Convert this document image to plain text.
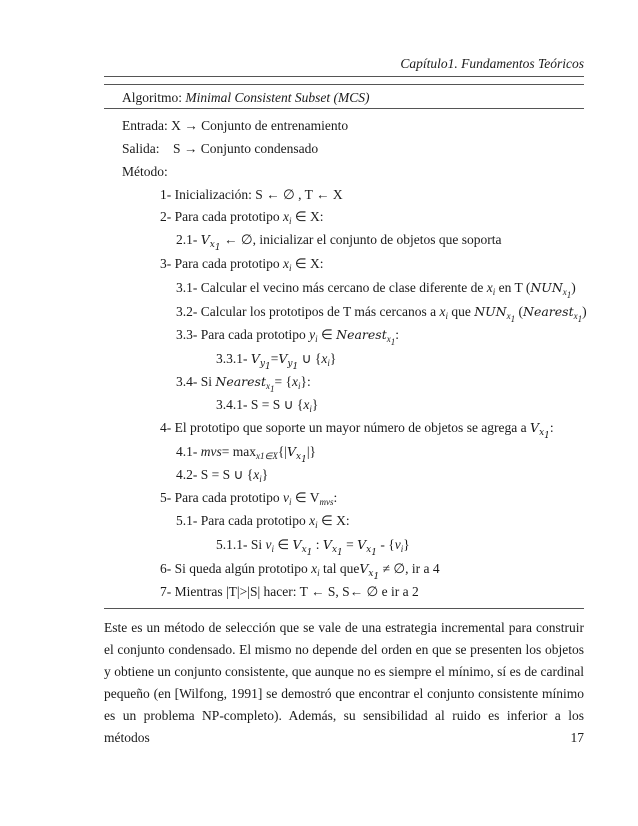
Capítulo1. Fundamentos Teóricos
Algoritmo: Minimal Consistent Subset (MCS)
Entrada: X → Conjunto de entrenamiento
Salida:    S → Conjunto condensado
Método:
1- Inicialización: S ← ∅ , T ← X
2- Para cada prototipo $x_i$ ∈ X:
2.1- $V_{x_1}$ ← ∅, inicializar el conjunto de objetos que soporta
3- Para cada prototipo $x_i$ ∈ X:
3.1- Calcular el vecino más cercano de clase diferente de $x_i$ en T $(NUN_{x_1})$
3.2- Calcular los prototipos de T más cercanos a $x_i$ que $NUN_{x_1}$ (Nearest$_{x_1}$)
3.3- Para cada prototipo $y_i$ ∈ Nearest$_{x_1}$:
3.3.1- $V_{y_1}=V_{y_1}$ ∪ $\{x_i\}$
3.4- Si Nearest$_{x_1}$= $\{x_i\}$:
3.4.1- S = S ∪ $\{x_i\}$
4- El prototipo que soporte un mayor número de objetos se agrega a $V_{x_1}$:
4.1- $mvs= \max_{x1\in X}\{|V_{x_1}|\}$
4.2- S = S ∪ $\{x_i\}$
5- Para cada prototipo $v_i$ ∈ $V_{mvs}$:
5.1- Para cada prototipo $x_i$ ∈ X:
5.1.1- Si $v_i$ ∈ $V_{x_1}$ : $V_{x_1} = V_{x_1} - \{v_i\}$
6- Si queda algún prototipo $x_i$ tal queV$_{x_1}$ ≠ ∅, ir a 4
7- Mientras |T|>|S| hacer: T ← S, S← ∅ e ir a 2
Este es un método de selección que se vale de una estrategia incremental para construir el conjunto condensado. El mismo no depende del orden en que se presenten los objetos y obtiene un conjunto consistente, que aunque no es siempre el mínimo, sí es de cardinal pequeño (en [Wilfong, 1991] se demostró que encontrar el conjunto consistente mínimo es un problema NP-completo). Además, su sensibilidad al ruido es inferior a los métodos	17
